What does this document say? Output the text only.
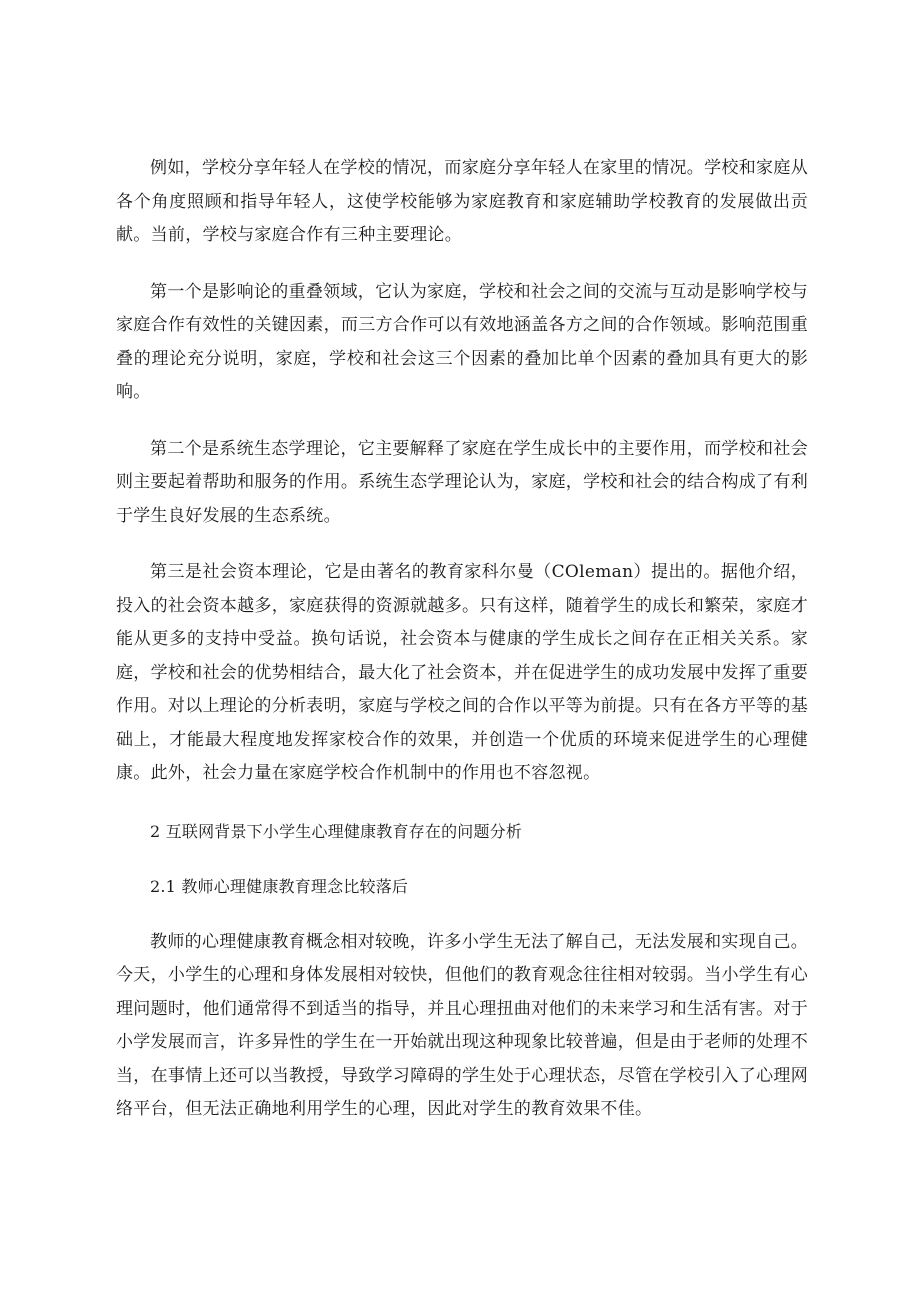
例如，学校分享年轻人在学校的情况，而家庭分享年轻人在家里的情况。学校和家庭从各个角度照顾和指导年轻人，这使学校能够为家庭教育和家庭辅助学校教育的发展做出贡献。当前，学校与家庭合作有三种主要理论。

第一个是影响论的重叠领域，它认为家庭，学校和社会之间的交流与互动是影响学校与家庭合作有效性的关键因素，而三方合作可以有效地涵盖各方之间的合作领域。影响范围重叠的理论充分说明，家庭，学校和社会这三个因素的叠加比单个因素的叠加具有更大的影响。

第二个是系统生态学理论，它主要解释了家庭在学生成长中的主要作用，而学校和社会则主要起着帮助和服务的作用。系统生态学理论认为，家庭，学校和社会的结合构成了有利于学生良好发展的生态系统。

第三是社会资本理论，它是由著名的教育家科尔曼（COleman）提出的。据他介绍，投入的社会资本越多，家庭获得的资源就越多。只有这样，随着学生的成长和繁荣，家庭才能从更多的支持中受益。换句话说，社会资本与健康的学生成长之间存在正相关关系。家庭，学校和社会的优势相结合，最大化了社会资本，并在促进学生的成功发展中发挥了重要作用。对以上理论的分析表明，家庭与学校之间的合作以平等为前提。只有在各方平等的基础上，才能最大程度地发挥家校合作的效果，并创造一个优质的环境来促进学生的心理健康。此外，社会力量在家庭学校合作机制中的作用也不容忽视。

2 互联网背景下小学生心理健康教育存在的问题分析

2.1 教师心理健康教育理念比较落后

教师的心理健康教育概念相对较晚，许多小学生无法了解自己，无法发展和实现自己。今天，小学生的心理和身体发展相对较快，但他们的教育观念往往相对较弱。当小学生有心理问题时，他们通常得不到适当的指导，并且心理扭曲对他们的未来学习和生活有害。对于小学发展而言，许多异性的学生在一开始就出现这种现象比较普遍，但是由于老师的处理不当，在事情上还可以当教授，导致学习障碍的学生处于心理状态，尽管在学校引入了心理网络平台，但无法正确地利用学生的心理，因此对学生的教育效果不佳。
